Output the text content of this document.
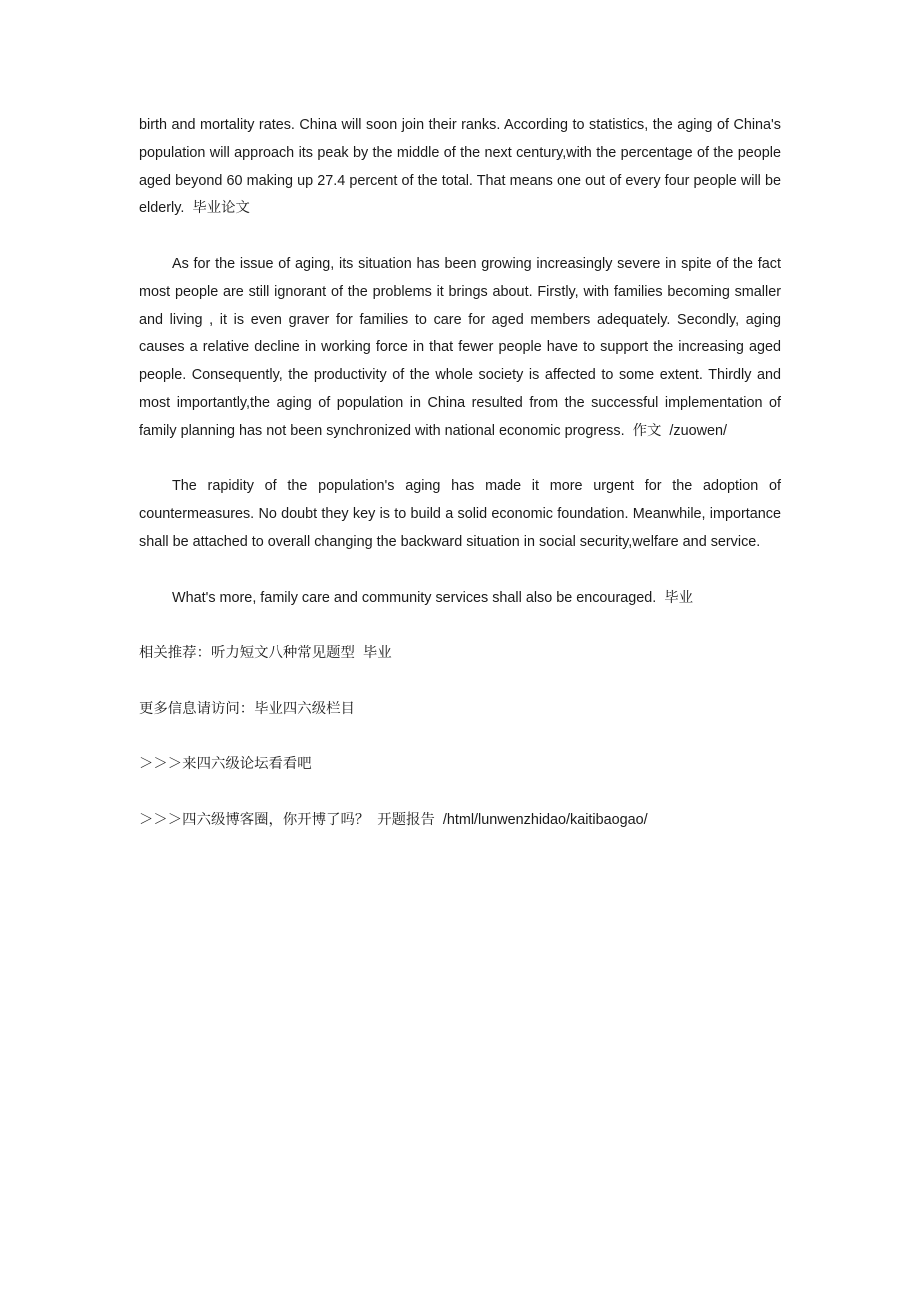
birth and mortality rates. China will soon join their ranks. According to statistics, the aging of China's population will approach its peak by the middle of the next century,with the percentage of the people aged beyond 60 making up 27.4 percent of the total. That means one out of every four people will be elderly. 毕业论文

As for the issue of aging, its situation has been growing increasingly severe in spite of the fact most people are still ignorant of the problems it brings about. Firstly, with families becoming smaller and living , it is even graver for families to care for aged members adequately. Secondly, aging causes a relative decline in working force in that fewer people have to support the increasing aged people. Consequently, the productivity of the whole society is affected to some extent. Thirdly and most importantly,the aging of population in China resulted from the successful implementation of family planning has not been synchronized with national economic progress. 作文 /zuowen/

The rapidity of the population's aging has made it more urgent for the adoption of countermeasures. No doubt they key is to build a solid economic foundation. Meanwhile, importance shall be attached to overall changing the backward situation in social security,welfare and service.

What's more, family care and community services shall also be encouraged. 毕业

相关推荐：听力短文八种常见题型 毕业

更多信息请访问：毕业四六级栏目

＞＞＞来四六级论坛看看吧

＞＞＞四六级博客圈，你开博了吗？ 开题报告 /html/lunwenzhidao/kaitibaogao/
